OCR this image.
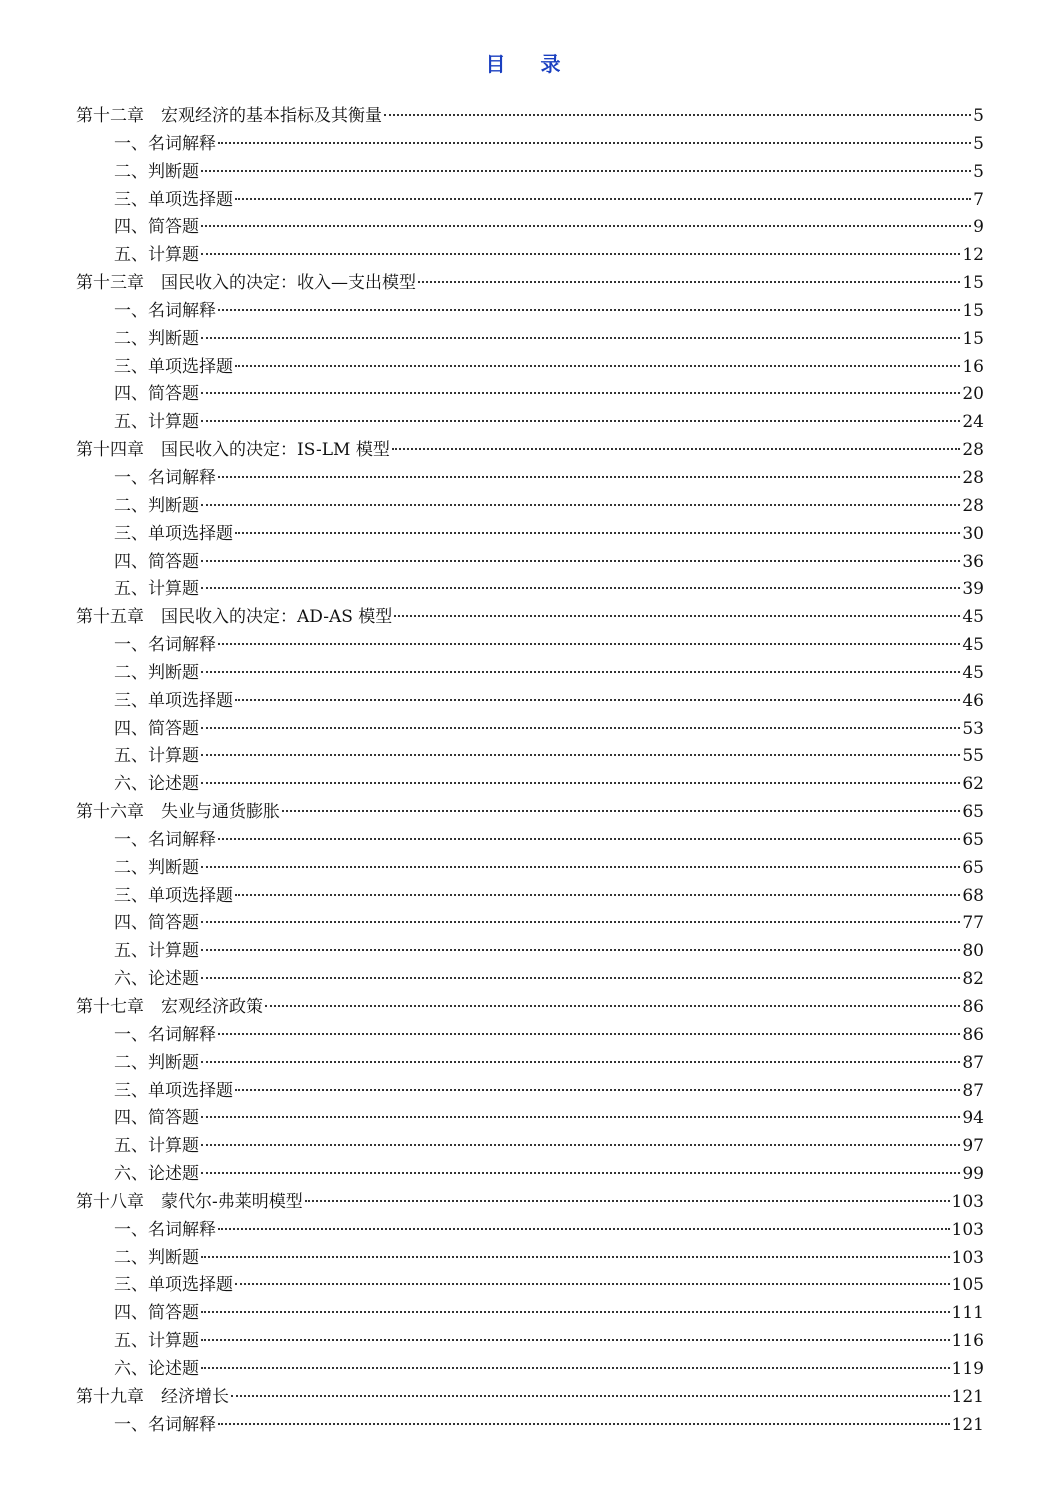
目 录
第十二章　宏观经济的基本指标及其衡量	5
一、名词解释	5
二、判断题	5
三、单项选择题	7
四、简答题	9
五、计算题	12
第十三章　国民收入的决定：收入—支出模型	15
一、名词解释	15
二、判断题	15
三、单项选择题	16
四、简答题	20
五、计算题	24
第十四章　国民收入的决定：IS-LM 模型	28
一、名词解释	28
二、判断题	28
三、单项选择题	30
四、简答题	36
五、计算题	39
第十五章　国民收入的决定：AD-AS 模型	45
一、名词解释	45
二、判断题	45
三、单项选择题	46
四、简答题	53
五、计算题	55
六、论述题	62
第十六章　失业与通货膨胀	65
一、名词解释	65
二、判断题	65
三、单项选择题	68
四、简答题	77
五、计算题	80
六、论述题	82
第十七章　宏观经济政策	86
一、名词解释	86
二、判断题	87
三、单项选择题	87
四、简答题	94
五、计算题	97
六、论述题	99
第十八章　蒙代尔-弗莱明模型	103
一、名词解释	103
二、判断题	103
三、单项选择题	105
四、简答题	111
五、计算题	116
六、论述题	119
第十九章　经济增长	121
一、名词解释	121
